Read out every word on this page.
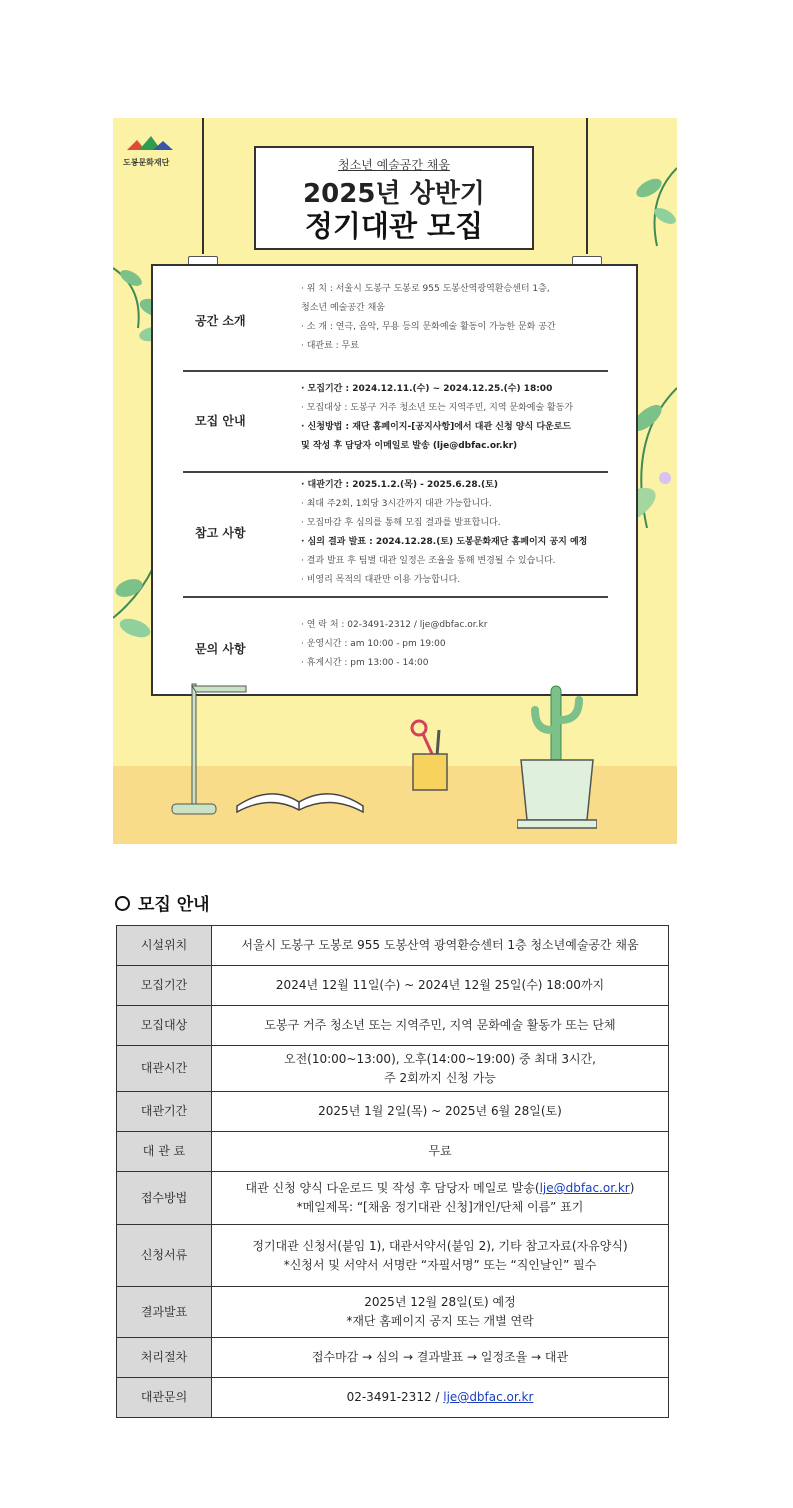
도봉문화재단	청소년 예술공간 채움
2025년 상반기
정기대관 모집
공간 소개
· 위 치 : 서울시 도봉구 도봉로 955 도봉산역광역환승센터 1층,
청소년 예술공간 채움
· 소 개 : 연극, 음악, 무용 등의 문화예술 활동이 가능한 문화 공간
· 대관료 : 무료
모집 안내
· 모집기간 : 2024.12.11.(수) ~ 2024.12.25.(수) 18:00
· 모집대상 : 도봉구 거주 청소년 또는 지역주민, 지역 문화예술 활동가
· 신청방법 : 재단 홈페이지-[공지사항]에서 대관 신청 양식 다운로드
및 작성 후 담당자 이메일로 발송 (lje@dbfac.or.kr)
참고 사항
· 대관기간 : 2025.1.2.(목) - 2025.6.28.(토)
· 최대 주2회, 1회당 3시간까지 대관 가능합니다.
· 모집마감 후 심의를 통해 모집 결과를 발표합니다.
· 심의 결과 발표 : 2024.12.28.(토) 도봉문화재단 홈페이지 공지 예정
· 결과 발표 후 팀별 대관 일정은 조율을 통해 변경될 수 있습니다.
· 비영리 목적의 대관만 이용 가능합니다.
문의 사항
· 연 락 처 : 02-3491-2312 / lje@dbfac.or.kr
· 운영시간 : am 10:00 - pm 19:00
· 휴게시간 : pm 13:00 - 14:00
모집 안내
시설위치	서울시 도봉구 도봉로 955 도봉산역 광역환승센터 1층 청소년예술공간 채움

모집기간	2024년 12월 11일(수) ~ 2024년 12월 25일(수) 18:00까지

모집대상	도봉구 거주 청소년 또는 지역주민, 지역 문화예술 활동가 또는 단체

대관시간	오전(10:00~13:00), 오후(14:00~19:00) 중 최대 3시간,
주 2회까지 신청 가능

대관기간	2025년 1월 2일(목) ~ 2025년 6월 28일(토)

대 관 료	무료

접수방법	대관 신청 양식 다운로드 및 작성 후 담당자 메일로 발송(lje@dbfac.or.kr)
*메일제목: “[채움 정기대관 신청]개인/단체 이름” 표기

신청서류	정기대관 신청서(붙임 1), 대관서약서(붙임 2), 기타 참고자료(자유양식)
*신청서 및 서약서 서명란 “자필서명” 또는 “직인날인” 필수

결과발표	2025년 12월 28일(토) 예정
*재단 홈페이지 공지 또는 개별 연락

처리절차	접수마감 → 심의 → 결과발표 → 일정조율 → 대관

대관문의	02-3491-2312 / lje@dbfac.or.kr
